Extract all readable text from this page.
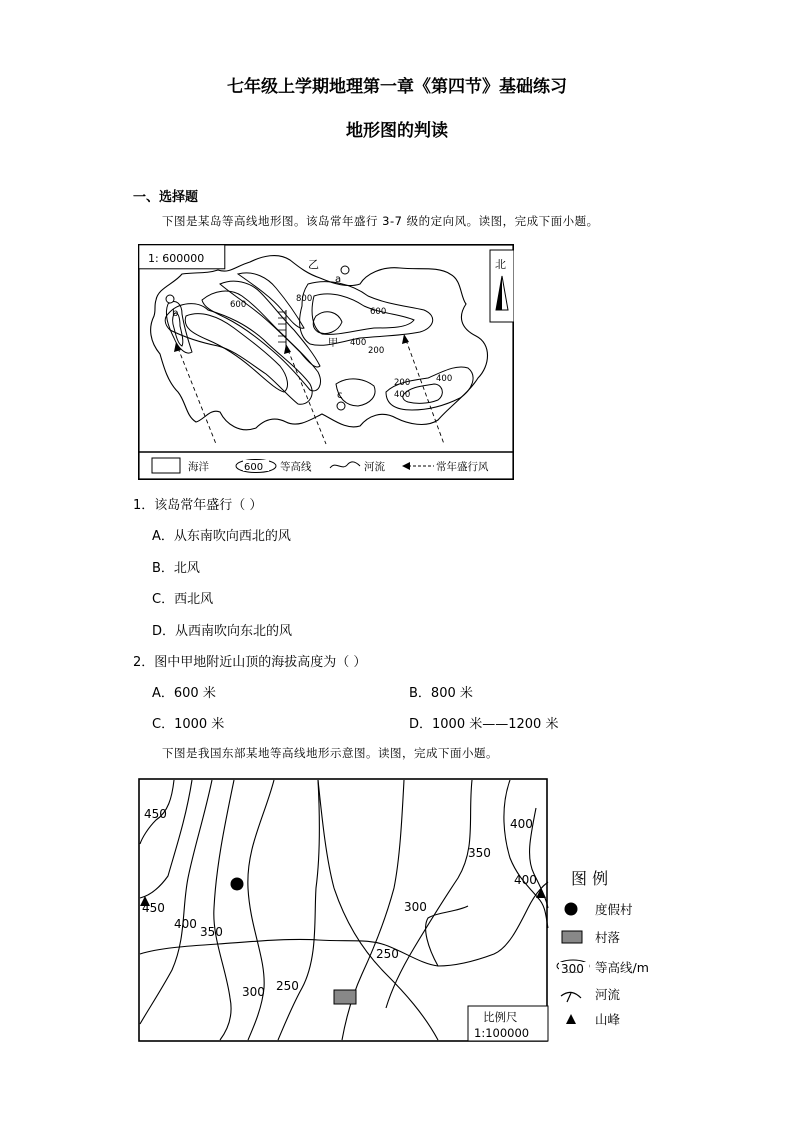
七年级上学期地理第一章《第四节》基础练习
地形图的判读
一、选择题
下图是某岛等高线地形图。该岛常年盛行 3-7 级的定向风。读图，完成下面小题。
1: 600000	北
乙
a
b
c
甲
600
800
600
400
200
200	400
400
海洋	600 等高线	河流	常年盛行风
1．该岛常年盛行（ ）
A．从东南吹向西北的风
B．北风
C．西北风
D．从西南吹向东北的风
2．图中甲地附近山顶的海拔高度为（ ）
A．600 米	B．800 米
C．1000 米	D．1000 米——1200 米
下图是我国东部某地等高线地形示意图。读图，完成下面小题。
450
450
400
350
300 250
350
400
400
300
250
比例尺
1:100000
图 例
度假村
村落
300 等高线/m
河流
山峰
